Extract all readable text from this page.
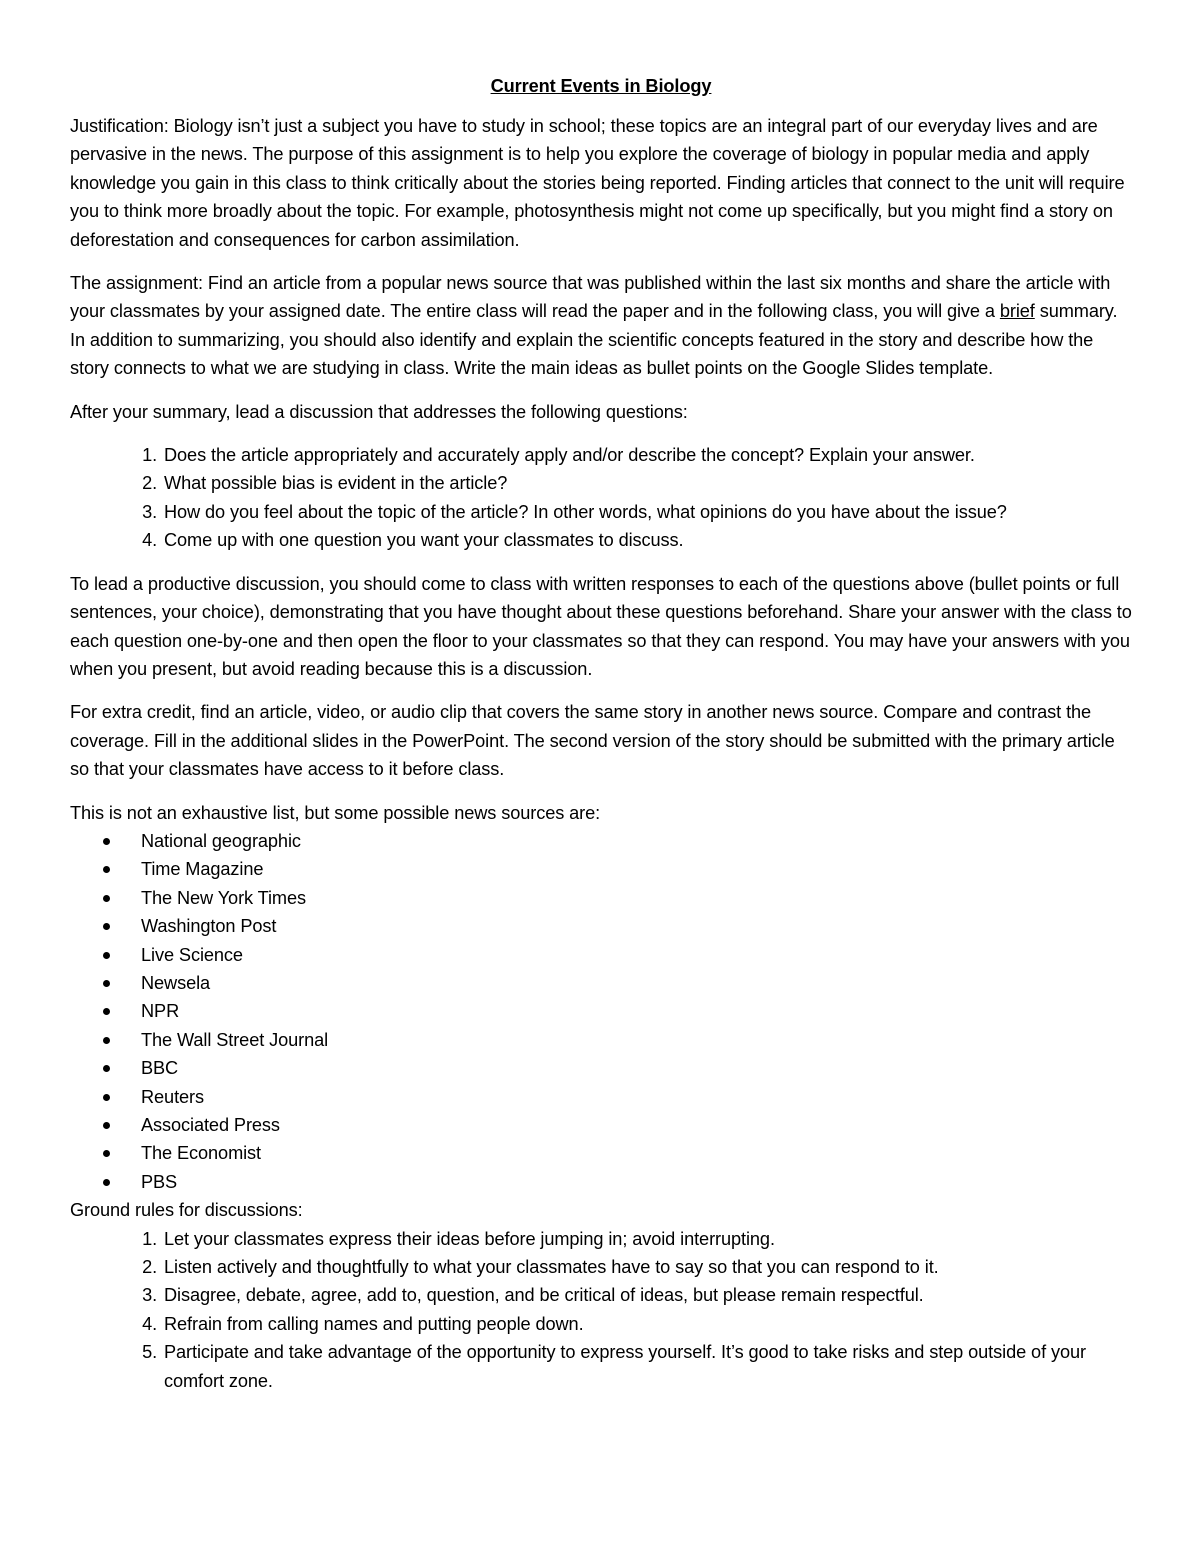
Current Events in Biology

Justification: Biology isn’t just a subject you have to study in school; these topics are an integral part of our everyday lives and are pervasive in the news. The purpose of this assignment is to help you explore the coverage of biology in popular media and apply knowledge you gain in this class to think critically about the stories being reported. Finding articles that connect to the unit will require you to think more broadly about the topic. For example, photosynthesis might not come up specifically, but you might find a story on deforestation and consequences for carbon assimilation.

The assignment: Find an article from a popular news source that was published within the last six months and share the article with your classmates by your assigned date. The entire class will read the paper and in the following class, you will give a brief summary. In addition to summarizing, you should also identify and explain the scientific concepts featured in the story and describe how the story connects to what we are studying in class. Write the main ideas as bullet points on the Google Slides template.

After your summary, lead a discussion that addresses the following questions:

1. Does the article appropriately and accurately apply and/or describe the concept? Explain your answer.
2. What possible bias is evident in the article?
3. How do you feel about the topic of the article? In other words, what opinions do you have about the issue?
4. Come up with one question you want your classmates to discuss.

To lead a productive discussion, you should come to class with written responses to each of the questions above (bullet points or full sentences, your choice), demonstrating that you have thought about these questions beforehand. Share your answer with the class to each question one-by-one and then open the floor to your classmates so that they can respond. You may have your answers with you when you present, but avoid reading because this is a discussion.

For extra credit, find an article, video, or audio clip that covers the same story in another news source. Compare and contrast the coverage. Fill in the additional slides in the PowerPoint. The second version of the story should be submitted with the primary article so that your classmates have access to it before class.

This is not an exhaustive list, but some possible news sources are:

National geographic
Time Magazine
The New York Times
Washington Post
Live Science
Newsela
NPR
The Wall Street Journal
BBC
Reuters
Associated Press
The Economist
PBS

Ground rules for discussions:

1. Let your classmates express their ideas before jumping in; avoid interrupting.
2. Listen actively and thoughtfully to what your classmates have to say so that you can respond to it.
3. Disagree, debate, agree, add to, question, and be critical of ideas, but please remain respectful.
4. Refrain from calling names and putting people down.
5. Participate and take advantage of the opportunity to express yourself. It’s good to take risks and step outside of your comfort zone.
